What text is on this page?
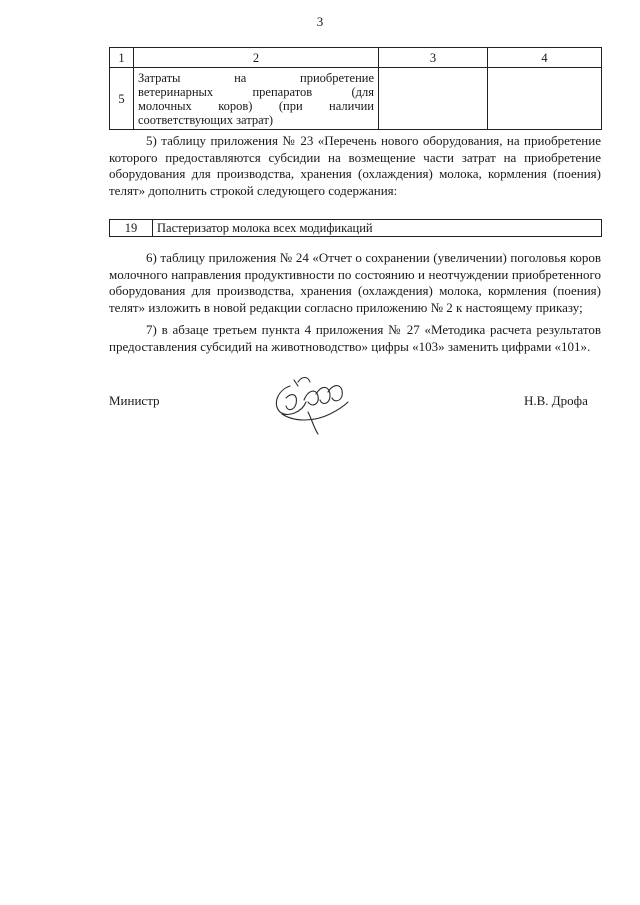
3
1	2	3	4
5	Затраты на приобретение
ветеринарных препаратов (для
молочных коров) (при наличии
соответствующих затрат)		

5) таблицу приложения № 23 «Перечень нового оборудования, на приобретение которого предоставляются субсидии на возмещение части затрат на приобретение оборудования для производства, хранения (охлаждения) молока, кормления (поения) телят» дополнить строкой следующего содержания:

19	Пастеризатор молока всех модификаций

6) таблицу приложения № 24 «Отчет о сохранении (увеличении) поголовья коров молочного направления продуктивности по состоянию и неотчуждении приобретенного оборудования для производства, хранения (охлаждения) молока, кормления (поения) телят» изложить в новой редакции согласно приложению № 2 к настоящему приказу;

7) в абзаце третьем пункта 4 приложения № 27 «Методика расчета результатов предоставления субсидий на животноводство» цифры «103» заменить цифрами «101».

Министр	Н.В. Дрофа
